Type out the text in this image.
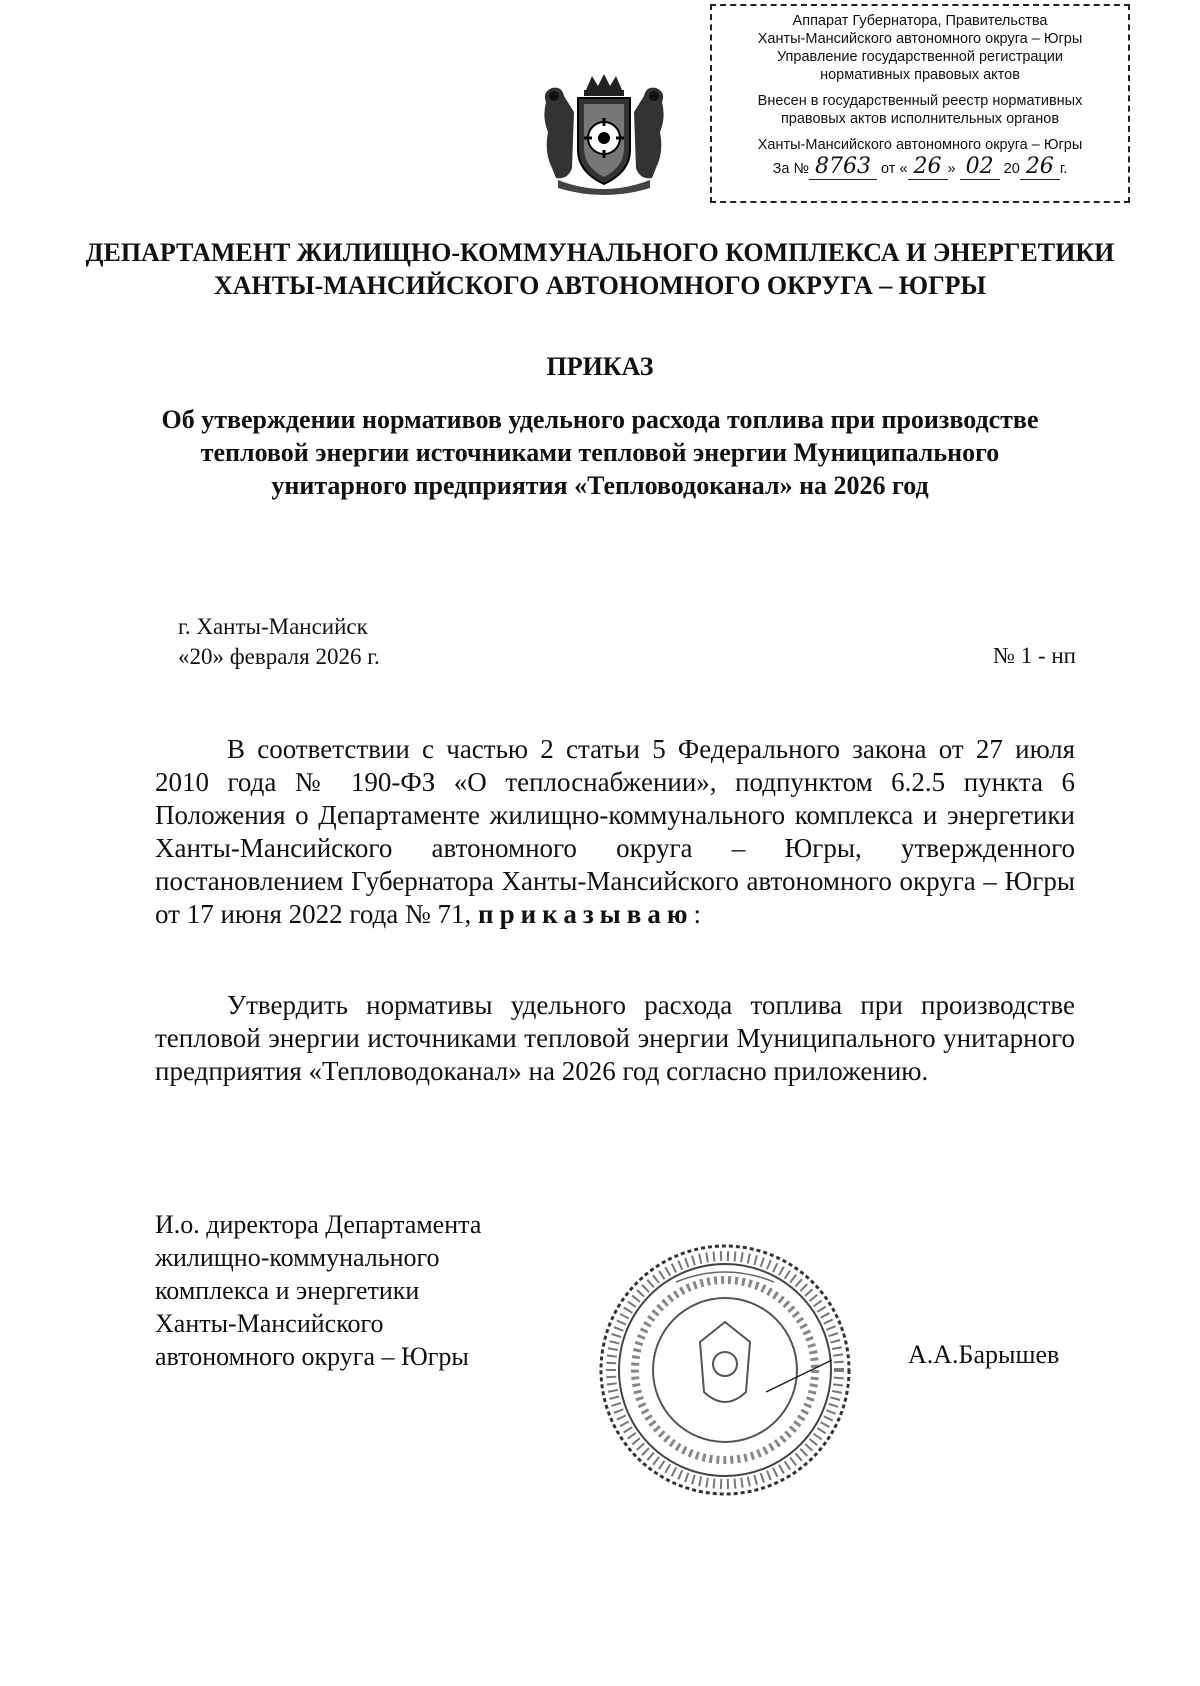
Аппарат Губернатора, Правительства
Ханты-Мансийского автономного округа – Югры
Управление государственной регистрации
нормативных правовых актов
Внесен в государственный реестр нормативных
правовых актов исполнительных органов
Ханты-Мансийского автономного округа – Югры
За № 8763 от « 26 » 02 20 26 г.
ДЕПАРТАМЕНТ ЖИЛИЩНО-КОММУНАЛЬНОГО КОМПЛЕКСА И ЭНЕРГЕТИКИ
ХАНТЫ-МАНСИЙСКОГО АВТОНОМНОГО ОКРУГА – ЮГРЫ
ПРИКАЗ
Об утверждении нормативов удельного расхода топлива при производстве тепловой энергии источниками тепловой энергии Муниципального унитарного предприятия «Тепловодоканал» на 2026 год
г. Ханты-Мансийск
«20» февраля 2026 г.	№ 1 - нп
В соответствии с частью 2 статьи 5 Федерального закона от 27 июля 2010 года № 190-ФЗ «О теплоснабжении», подпунктом 6.2.5 пункта 6 Положения о Департаменте жилищно-коммунального комплекса и энергетики Ханты-Мансийского автономного округа – Югры, утвержденного постановлением Губернатора Ханты-Мансийского автономного округа – Югры от 17 июня 2022 года № 71, приказываю:
Утвердить нормативы удельного расхода топлива при производстве тепловой энергии источниками тепловой энергии Муниципального унитарного предприятия «Тепловодоканал» на 2026 год согласно приложению.
И.о. директора Департамента
жилищно-коммунального
комплекса и энергетики
Ханты-Мансийского
автономного округа – Югры	А.А.Барышев
